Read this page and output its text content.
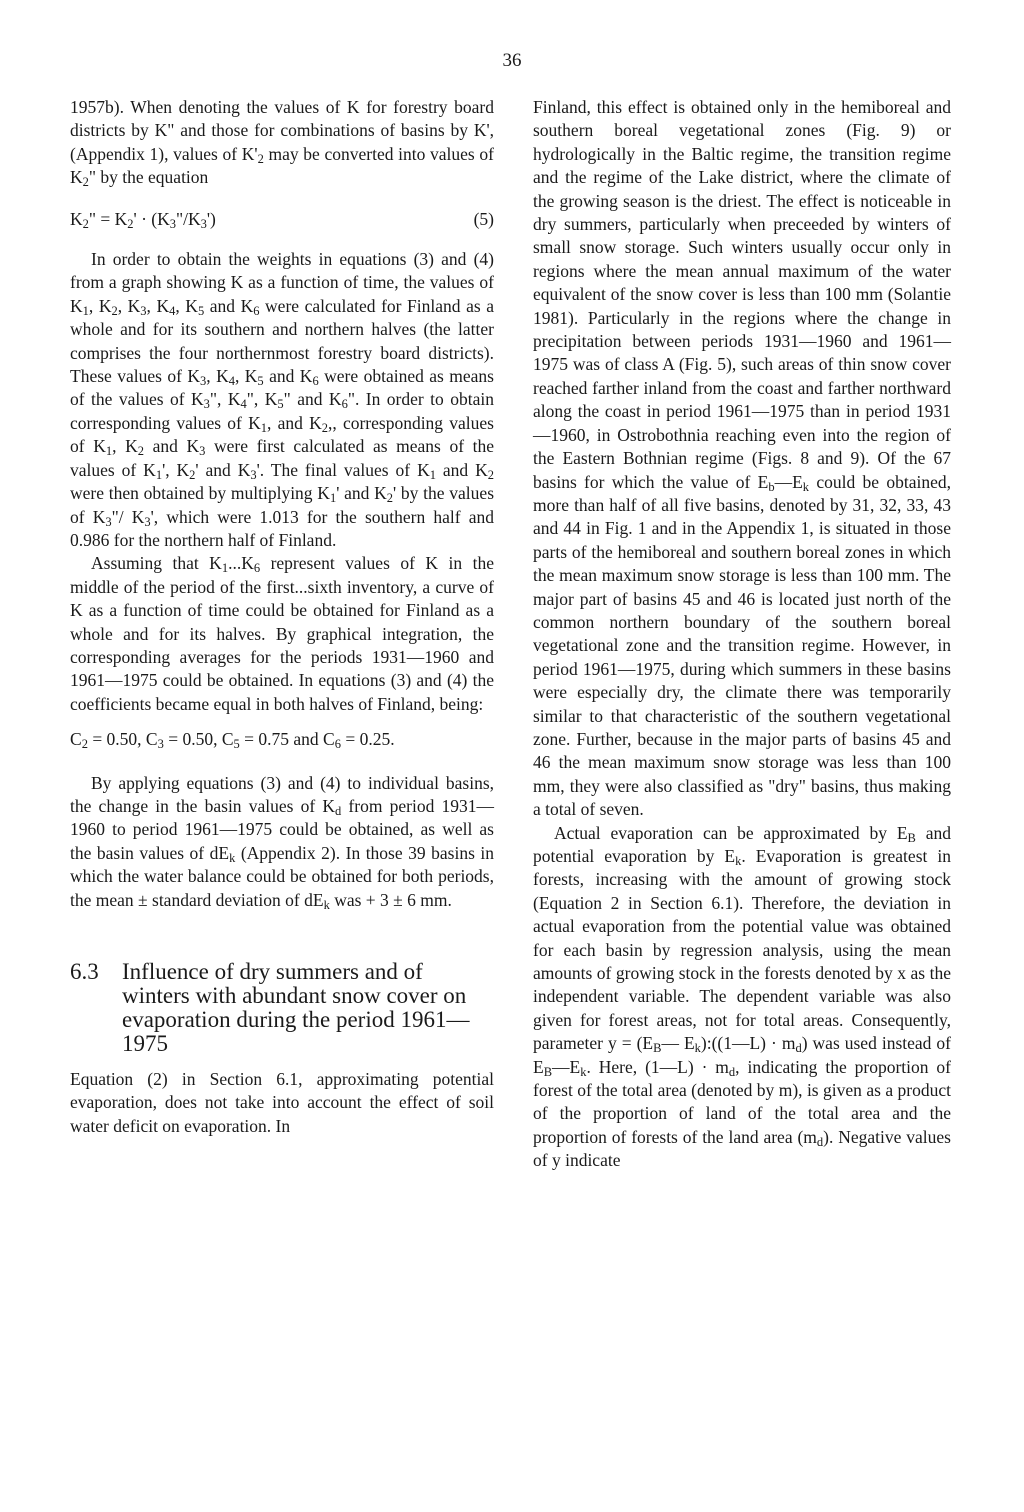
36

1957b). When denoting the values of K for forestry board districts by K" and those for combinations of basins by K', (Appendix 1), values of $K'_2$ may be converted into values of $K_2$" by the equation

$K_2$" = $K_2'$ · $(K_3"/K_3')$	(5)

In order to obtain the weights in equations (3) and (4) from a graph showing K as a function of time, the values of $K_1$, $K_2$, $K_3$, $K_4$, $K_5$ and $K_6$ were calculated for Finland as a whole and for its southern and northern halves (the latter comprises the four northernmost forestry board districts). These values of $K_3$, $K_4$, $K_5$ and $K_6$ were obtained as means of the values of $K_3$", $K_4$", $K_5$" and $K_6$". In order to obtain corresponding values of $K_1$, and $K_2$,, corresponding values of $K_1$, $K_2$ and $K_3$ were first calculated as means of the values of $K_1'$, $K_2'$ and $K_3'$. The final values of $K_1$ and $K_2$ were then obtained by multiplying $K_1'$ and $K_2'$ by the values of $K_3"/$ $K_3'$, which were 1.013 for the southern half and 0.986 for the northern half of Finland.

Assuming that $K_1...K_6$ represent values of K in the middle of the period of the first...sixth inventory, a curve of K as a function of time could be obtained for Finland as a whole and for its halves. By graphical integration, the corresponding averages for the periods 1931—1960 and 1961—1975 could be obtained. In equations (3) and (4) the coefficients became equal in both halves of Finland, being:

$C_2 = 0.50$, $C_3 = 0.50$, $C_5 = 0.75$ and $C_6 = 0.25$.

By applying equations (3) and (4) to individual basins, the change in the basin values of $K_d$ from period 1931—1960 to period 1961—1975 could be obtained, as well as the basin values of $dE_k$ (Appendix 2). In those 39 basins in which the water balance could be obtained for both periods, the mean ± standard deviation of $dE_k$ was + 3 ± 6 mm.

6.3	Influence of dry summers and of winters with abundant snow cover on evaporation during the period 1961—1975

Equation (2) in Section 6.1, approximating potential evaporation, does not take into account the effect of soil water deficit on evaporation. In

Finland, this effect is obtained only in the hemiboreal and southern boreal vegetational zones (Fig. 9) or hydrologically in the Baltic regime, the transition regime and the regime of the Lake district, where the climate of the growing season is the driest. The effect is noticeable in dry summers, particularly when preceeded by winters of small snow storage. Such winters usually occur only in regions where the mean annual maximum of the water equivalent of the snow cover is less than 100 mm (Solantie 1981). Particularly in the regions where the change in precipitation between periods 1931—1960 and 1961—1975 was of class A (Fig. 5), such areas of thin snow cover reached farther inland from the coast and farther northward along the coast in period 1961—1975 than in period 1931—1960, in Ostrobothnia reaching even into the region of the Eastern Bothnian regime (Figs. 8 and 9). Of the 67 basins for which the value of $E_b—E_k$ could be obtained, more than half of all five basins, denoted by 31, 32, 33, 43 and 44 in Fig. 1 and in the Appendix 1, is situated in those parts of the hemiboreal and southern boreal zones in which the mean maximum snow storage is less than 100 mm. The major part of basins 45 and 46 is located just north of the common northern boundary of the southern boreal vegetational zone and the transition regime. However, in period 1961—1975, during which summers in these basins were especially dry, the climate there was temporarily similar to that characteristic of the southern vegetational zone. Further, because in the major parts of basins 45 and 46 the mean maximum snow storage was less than 100 mm, they were also classified as "dry" basins, thus making a total of seven.

Actual evaporation can be approximated by $E_B$ and potential evaporation by $E_k$. Evaporation is greatest in forests, increasing with the amount of growing stock (Equation 2 in Section 6.1). Therefore, the deviation in actual evaporation from the potential value was obtained for each basin by regression analysis, using the mean amounts of growing stock in the forests denoted by x as the independent variable. The dependent variable was also given for forest areas, not for total areas. Consequently, parameter $y = (E_B—$ $E_k):((1—L) \cdot m_d)$ was used instead of $E_B—E_k$. Here, (1—L) · $m_d$, indicating the proportion of forest of the total area (denoted by m), is given as a product of the proportion of land of the total area and the proportion of forests of the land area $(m_d)$. Negative values of y indicate
